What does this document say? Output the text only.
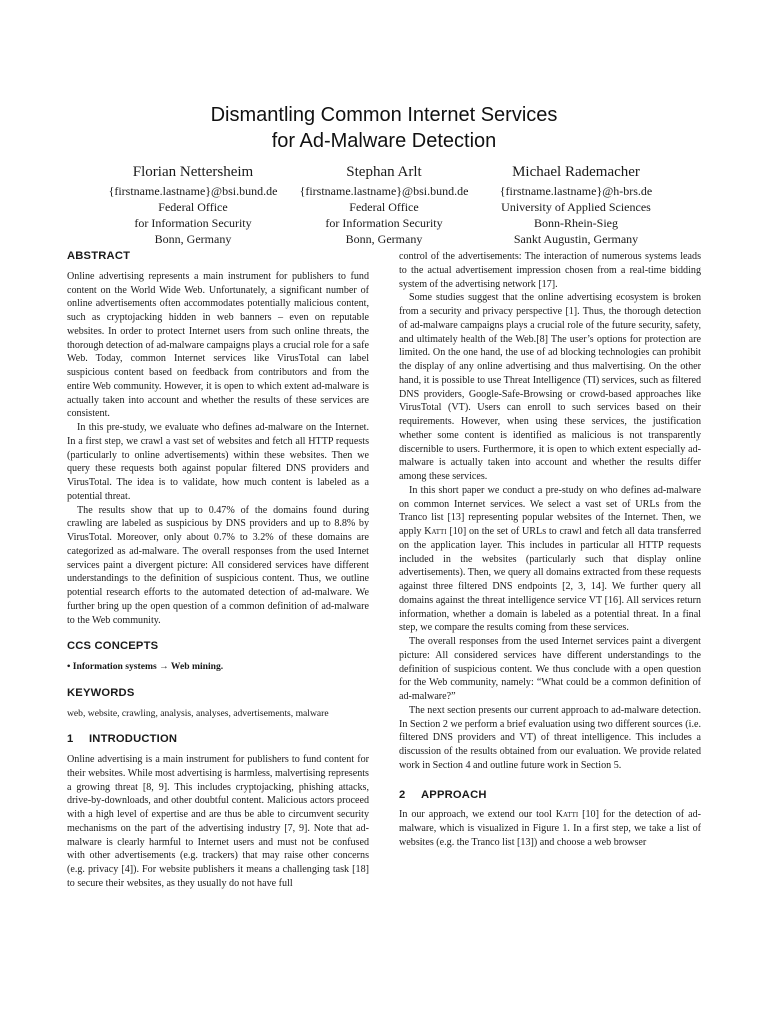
Dismantling Common Internet Services
for Ad-Malware Detection
Florian Nettersheim
{firstname.lastname}@bsi.bund.de
Federal Office
for Information Security
Bonn, Germany
Stephan Arlt
{firstname.lastname}@bsi.bund.de
Federal Office
for Information Security
Bonn, Germany
Michael Rademacher
{firstname.lastname}@h-brs.de
University of Applied Sciences
Bonn-Rhein-Sieg
Sankt Augustin, Germany
ABSTRACT

Online advertising represents a main instrument for publishers to fund content on the World Wide Web. Unfortunately, a significant number of online advertisements often accommodates potentially malicious content, such as cryptojacking hidden in web banners – even on reputable websites. In order to protect Internet users from such online threats, the thorough detection of ad-malware campaigns plays a crucial role for a safe Web. Today, common Internet services like VirusTotal can label suspicious content based on feedback from contributors and from the entire Web community. However, it is open to which extent ad-malware is actually taken into account and whether the results of these services are consistent.

In this pre-study, we evaluate who defines ad-malware on the Internet. In a first step, we crawl a vast set of websites and fetch all HTTP requests (particularly to online advertisements) within these websites. Then we query these requests both against popular filtered DNS providers and VirusTotal. The idea is to validate, how much content is labeled as a potential threat.

The results show that up to 0.47% of the domains found during crawling are labeled as suspicious by DNS providers and up to 8.8% by VirusTotal. Moreover, only about 0.7% to 3.2% of these domains are categorized as ad-malware. The overall responses from the used Internet services paint a divergent picture: All considered services have different understandings to the definition of suspicious content. Thus, we outline potential research efforts to the automated detection of ad-malware. We further bring up the open question of a common definition of ad-malware to the Web community.

CCS CONCEPTS

• Information systems → Web mining.

KEYWORDS

web, website, crawling, analysis, analyses, advertisements, malware

1 INTRODUCTION

Online advertising is a main instrument for publishers to fund content for their websites. While most advertising is harmless, malvertising represents a growing threat [8, 9]. This includes cryptojacking, phishing attacks, drive-by-downloads, and other doubtful content. Malicious actors proceed with a high level of expertise and are thus be able to circumvent security mechanisms on the part of the advertising industry [7, 9]. Note that ad-malware is clearly harmful to Internet users and must not be confused with other advertisements (e.g. trackers) that may raise other concerns (e.g. privacy [4]). For website publishers it means a challenging task [18] to secure their websites, as they usually do not have full

control of the advertisements: The interaction of numerous systems leads to the actual advertisement impression chosen from a real-time bidding system of the advertising network [17].

Some studies suggest that the online advertising ecosystem is broken from a security and privacy perspective [1]. Thus, the thorough detection of ad-malware campaigns plays a crucial role of the future security, safety, and ultimately health of the Web.[8] The user’s options for protection are limited. On the one hand, the use of ad blocking technologies can prohibit the display of any online advertising and thus malvertising. On the other hand, it is possible to use Threat Intelligence (TI) services, such as filtered DNS providers, Google-Safe-Browsing or crowd-based approaches like VirusTotal (VT). Users can enroll to such services based on their requirements. However, when using these services, the justification whether some content is identified as malicious is not transparently discernible to users. Furthermore, it is open to which extent especially ad-malware is actually taken into account and whether the results differ among these services.

In this short paper we conduct a pre-study on who defines ad-malware on common Internet services. We select a vast set of URLs from the Tranco list [13] representing popular websites of the Internet. Then, we apply Katti [10] on the set of URLs to crawl and fetch all data transferred on the application layer. This includes in particular all HTTP requests included in the websites (particularly such that display online advertisements). Then, we query all domains extracted from these requests against three filtered DNS endpoints [2, 3, 14]. We further query all domains against the threat intelligence service VT [16]. All services return information, whether a domain is labeled as a potential threat. In a final step, we compare the results coming from these services.

The overall responses from the used Internet services paint a divergent picture: All considered services have different understandings to the definition of suspicious content. We thus conclude with a open question for the Web community, namely: “What could be a common definition of ad-malware?”

The next section presents our current approach to ad-malware detection. In Section 2 we perform a brief evaluation using two different sources (i.e. filtered DNS providers and VT) of threat intelligence. This includes a discussion of the results obtained from our evaluation. We provide related work in Section 4 and outline future work in Section 5.

2 APPROACH

In our approach, we extend our tool Katti [10] for the detection of ad-malware, which is visualized in Figure 1. In a first step, we take a list of websites (e.g. the Tranco list [13]) and choose a web browser
